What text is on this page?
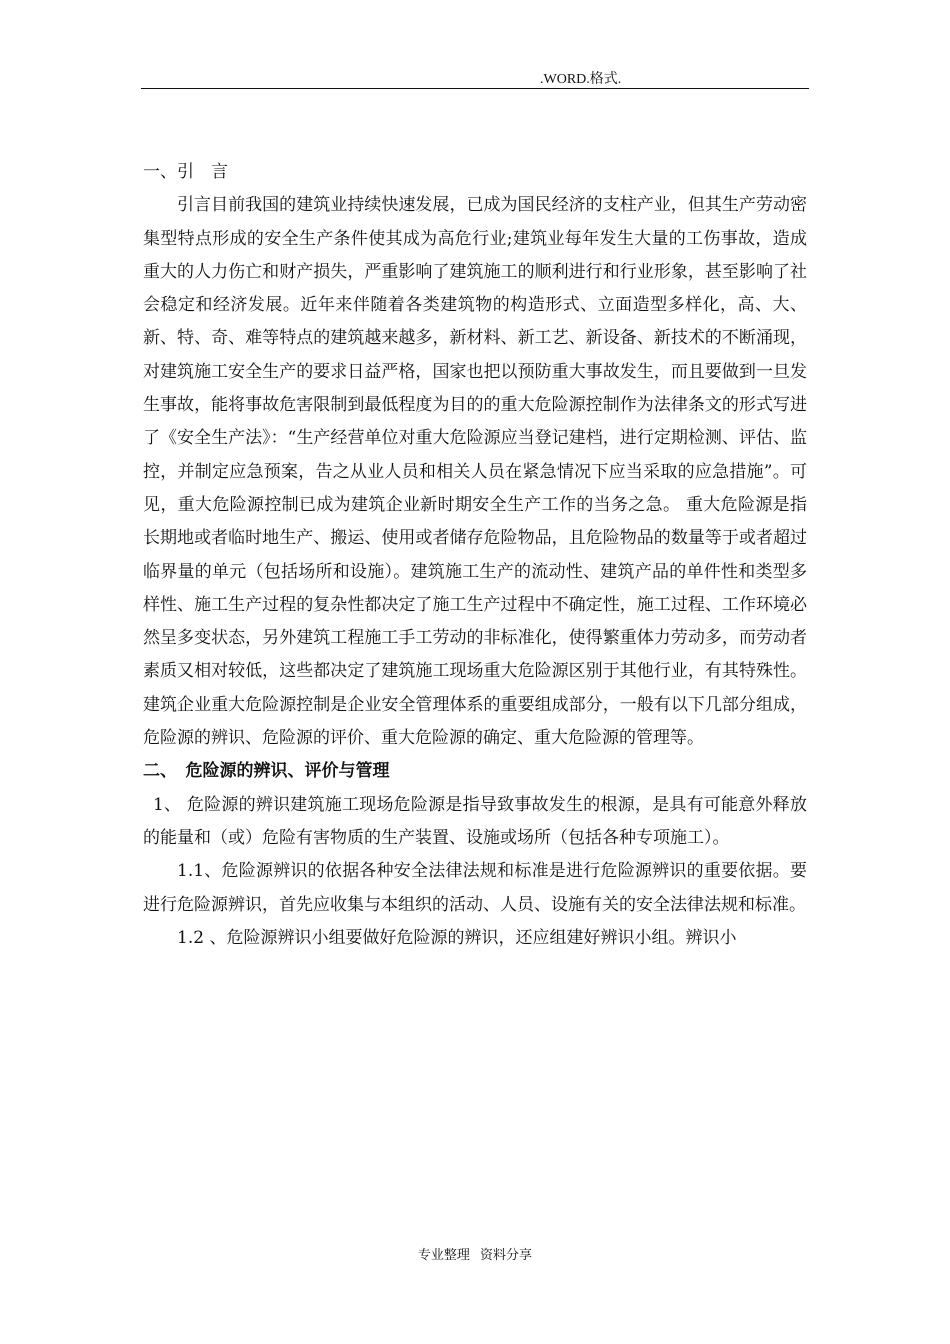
.WORD.格式.

一、引　言

引言目前我国的建筑业持续快速发展，已成为国民经济的支柱产业，但其生产劳动密集型特点形成的安全生产条件使其成为高危行业;建筑业每年发生大量的工伤事故，造成重大的人力伤亡和财产损失，严重影响了建筑施工的顺利进行和行业形象，甚至影响了社会稳定和经济发展。近年来伴随着各类建筑物的构造形式、立面造型多样化，高、大、新、特、奇、难等特点的建筑越来越多，新材料、新工艺、新设备、新技术的不断涌现，对建筑施工安全生产的要求日益严格，国家也把以预防重大事故发生，而且要做到一旦发生事故，能将事故危害限制到最低程度为目的的重大危险源控制作为法律条文的形式写进了《安全生产法》：“生产经营单位对重大危险源应当登记建档，进行定期检测、评估、监控，并制定应急预案，告之从业人员和相关人员在紧急情况下应当采取的应急措施”。可见，重大危险源控制已成为建筑企业新时期安全生产工作的当务之急。 重大危险源是指长期地或者临时地生产、搬运、使用或者储存危险物品，且危险物品的数量等于或者超过临界量的单元（包括场所和设施）。建筑施工生产的流动性、建筑产品的单件性和类型多样性、施工生产过程的复杂性都决定了施工生产过程中不确定性，施工过程、工作环境必然呈多变状态，另外建筑工程施工手工劳动的非标准化，使得繁重体力劳动多，而劳动者素质又相对较低，这些都决定了建筑施工现场重大危险源区别于其他行业，有其特殊性。 建筑企业重大危险源控制是企业安全管理体系的重要组成部分，一般有以下几部分组成，危险源的辨识、危险源的评价、重大危险源的确定、重大危险源的管理等。

二、　危险源的辨识、评价与管理

1、 危险源的辨识建筑施工现场危险源是指导致事故发生的根源，是具有可能意外释放的能量和（或）危险有害物质的生产装置、设施或场所（包括各种专项施工）。

1.1、危险源辨识的依据各种安全法律法规和标准是进行危险源辨识的重要依据。要进行危险源辨识，首先应收集与本组织的活动、人员、设施有关的安全法律法规和标准。

1.2 、危险源辨识小组要做好危险源的辨识，还应组建好辨识小组。辨识小

专业整理 资料分享
